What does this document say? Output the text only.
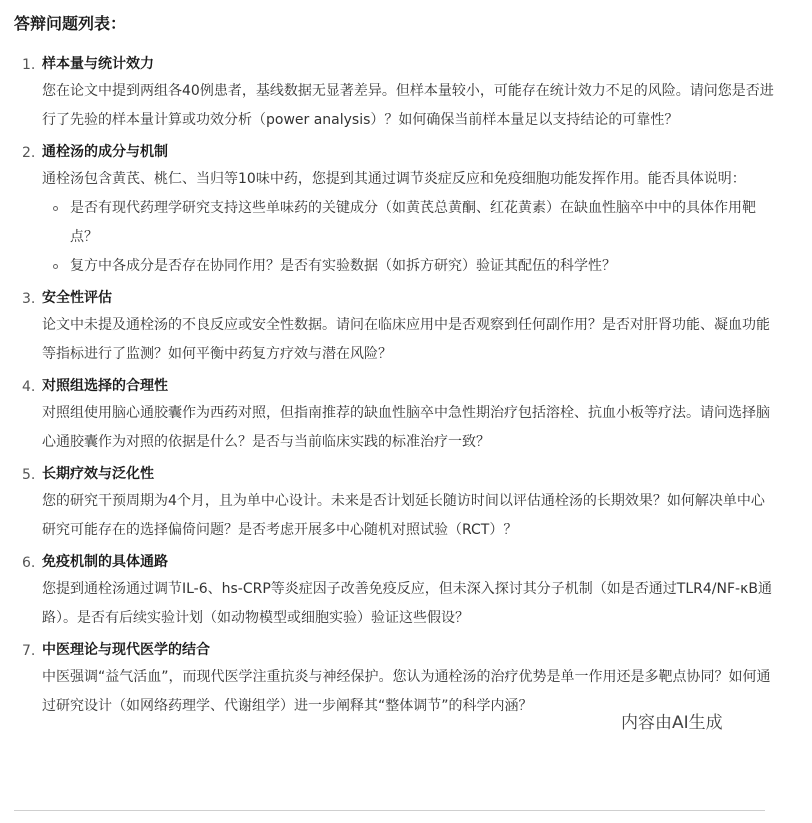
答辩问题列表：
1. 样本量与统计效力
您在论文中提到两组各40例患者，基线数据无显著差异。但样本量较小，可能存在统计效力不足的风险。请问您是否进行了先验的样本量计算或功效分析（power analysis）？如何确保当前样本量足以支持结论的可靠性？
2. 通栓汤的成分与机制
通栓汤包含黄芪、桃仁、当归等10味中药，您提到其通过调节炎症反应和免疫细胞功能发挥作用。能否具体说明：
是否有现代药理学研究支持这些单味药的关键成分（如黄芪总黄酮、红花黄素）在缺血性脑卒中中的具体作用靶点？
复方中各成分是否存在协同作用？是否有实验数据（如拆方研究）验证其配伍的科学性？
3. 安全性评估
论文中未提及通栓汤的不良反应或安全性数据。请问在临床应用中是否观察到任何副作用？是否对肝肾功能、凝血功能等指标进行了监测？如何平衡中药复方疗效与潜在风险？
4. 对照组选择的合理性
对照组使用脑心通胶囊作为西药对照，但指南推荐的缺血性脑卒中急性期治疗包括溶栓、抗血小板等疗法。请问选择脑心通胶囊作为对照的依据是什么？是否与当前临床实践的标准治疗一致？
5. 长期疗效与泛化性
您的研究干预周期为4个月，且为单中心设计。未来是否计划延长随访时间以评估通栓汤的长期效果？如何解决单中心研究可能存在的选择偏倚问题？是否考虑开展多中心随机对照试验（RCT）？
6. 免疫机制的具体通路
您提到通栓汤通过调节IL-6、hs-CRP等炎症因子改善免疫反应，但未深入探讨其分子机制（如是否通过TLR4/NF-κB通路）。是否有后续实验计划（如动物模型或细胞实验）验证这些假设？
7. 中医理论与现代医学的结合
中医强调“益气活血”，而现代医学注重抗炎与神经保护。您认为通栓汤的治疗优势是单一作用还是多靶点协同？如何通过研究设计（如网络药理学、代谢组学）进一步阐释其“整体调节”的科学内涵？
内容由AI生成
